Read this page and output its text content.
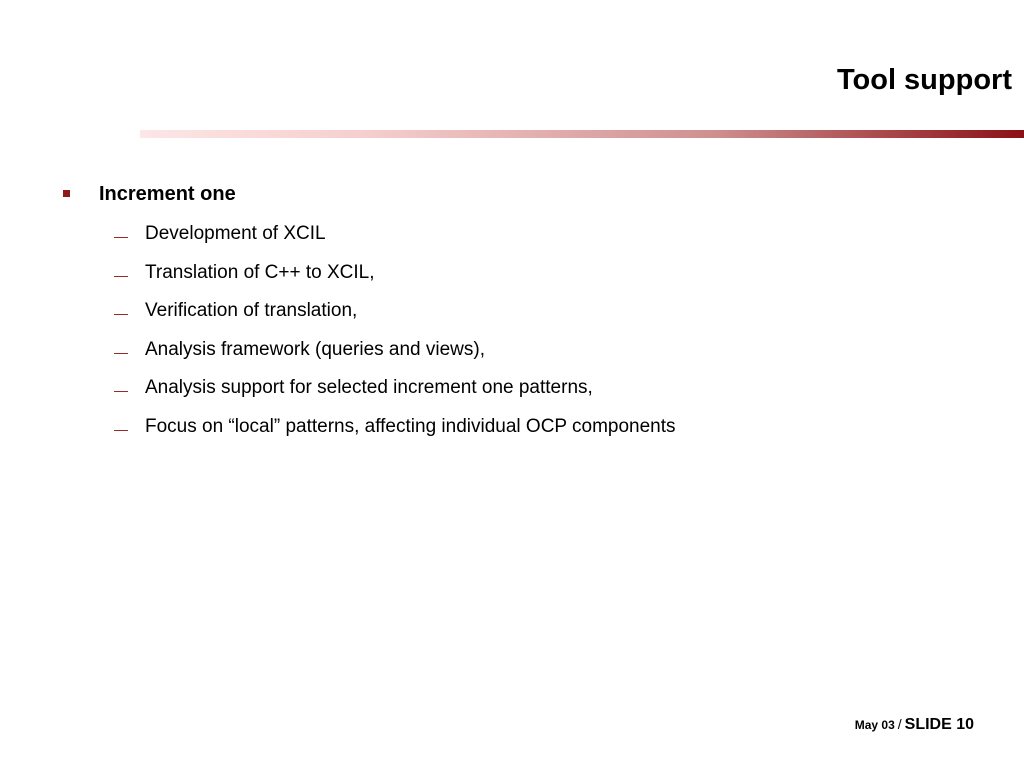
Tool support
Increment one
— Development of XCIL
— Translation of C++ to XCIL,
— Verification of translation,
— Analysis framework (queries and views),
— Analysis support for selected increment one patterns,
— Focus on “local” patterns, affecting individual OCP components
May 03 / SLIDE 10
